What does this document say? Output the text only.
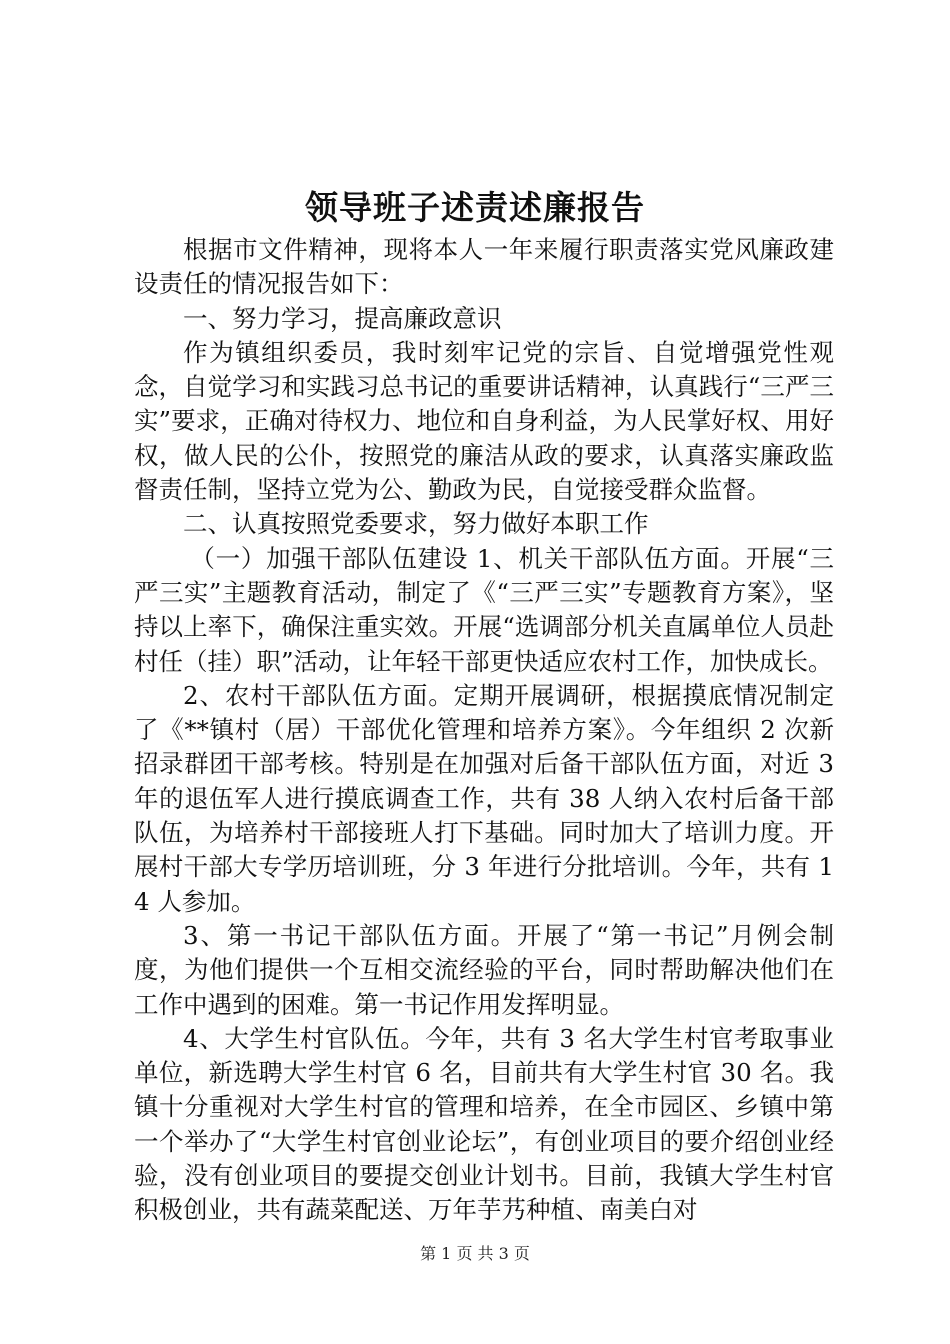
领导班子述责述廉报告

根据市文件精神，现将本人一年来履行职责落实党风廉政建设责任的情况报告如下：

一、努力学习，提高廉政意识

作为镇组织委员，我时刻牢记党的宗旨、自觉增强党性观念，自觉学习和实践习总书记的重要讲话精神，认真践行“三严三实”要求，正确对待权力、地位和自身利益，为人民掌好权、用好权，做人民的公仆，按照党的廉洁从政的要求，认真落实廉政监督责任制，坚持立党为公、勤政为民，自觉接受群众监督。

二、认真按照党委要求，努力做好本职工作

（一）加强干部队伍建设 1、机关干部队伍方面。开展“三严三实”主题教育活动，制定了《“三严三实”专题教育方案》，坚持以上率下，确保注重实效。开展“选调部分机关直属单位人员赴村任（挂）职”活动，让年轻干部更快适应农村工作，加快成长。

2、农村干部队伍方面。定期开展调研，根据摸底情况制定了《**镇村（居）干部优化管理和培养方案》。今年组织 2 次新招录群团干部考核。特别是在加强对后备干部队伍方面，对近 3 年的退伍军人进行摸底调查工作，共有 38 人纳入农村后备干部队伍，为培养村干部接班人打下基础。同时加大了培训力度。开展村干部大专学历培训班，分 3 年进行分批培训。今年，共有 14 人参加。

3、第一书记干部队伍方面。开展了“第一书记”月例会制度，为他们提供一个互相交流经验的平台，同时帮助解决他们在工作中遇到的困难。第一书记作用发挥明显。

4、大学生村官队伍。今年，共有 3 名大学生村官考取事业单位，新选聘大学生村官 6 名，目前共有大学生村官 30 名。我镇十分重视对大学生村官的管理和培养，在全市园区、乡镇中第一个举办了“大学生村官创业论坛”，有创业项目的要介绍创业经验，没有创业项目的要提交创业计划书。目前，我镇大学生村官积极创业，共有蔬菜配送、万年芋艿种植、南美白对

第 1 页 共 3 页
